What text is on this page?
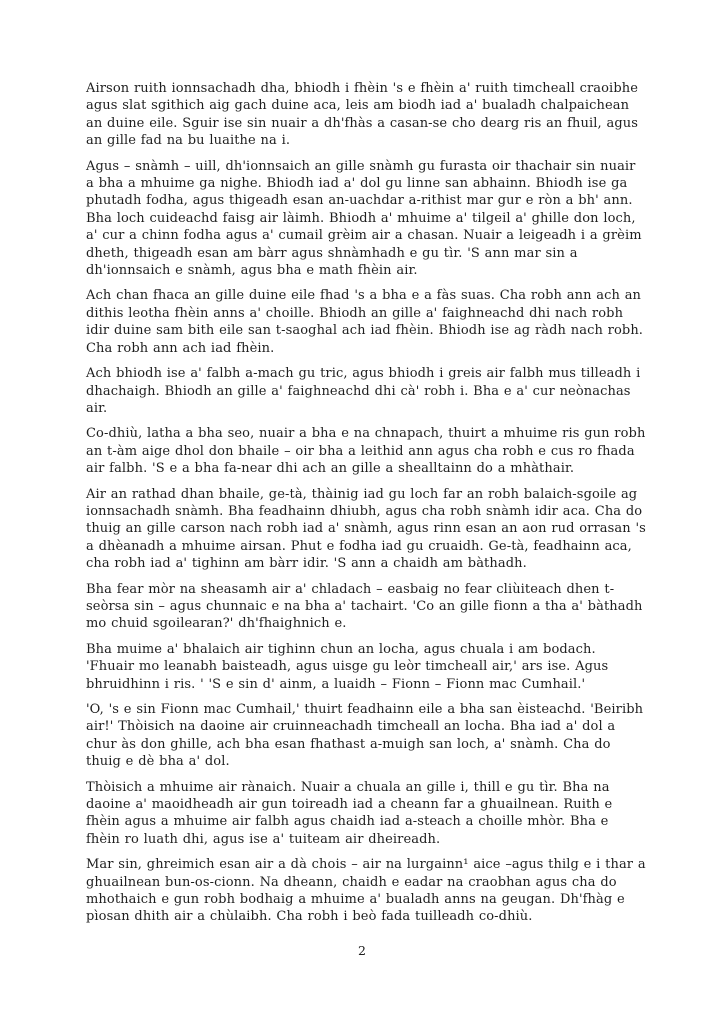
Airson ruith ionnsachadh dha, bhiodh i fhèin 's e fhèin a' ruith timcheall craoibhe agus slat sgithich aig gach duine aca, leis am biodh iad a' bualadh chalpaichean an duine eile. Sguir ise sin nuair a dh'fhàs a casan-se cho dearg ris an fhuil, agus an gille fad na bu luaithe na i.

Agus – snàmh – uill, dh'ionnsaich an gille snàmh gu furasta oir thachair sin nuair a bha a mhuime ga nighe. Bhiodh iad a' dol gu linne san abhainn. Bhiodh ise ga phutadh fodha, agus thigeadh esan an-uachdar a-rithist mar gur e ròn a bh' ann. Bha loch cuideachd faisg air làimh. Bhiodh a' mhuime a' tilgeil a' ghille don loch, a' cur a chinn fodha agus a' cumail grèim air a chasan. Nuair a leigeadh i a grèim dheth, thigeadh esan am bàrr agus shnàmhadh e gu tìr. 'S ann mar sin a dh'ionnsaich e snàmh, agus bha e math fhèin air.

Ach chan fhaca an gille duine eile fhad 's a bha e a fàs suas. Cha robh ann ach an dithis leotha fhèin anns a' choille. Bhiodh an gille a' faighneachd dhi nach robh idir duine sam bith eile san t-saoghal ach iad fhèin. Bhiodh ise ag ràdh nach robh. Cha robh ann ach iad fhèin.

Ach bhiodh ise a' falbh a-mach gu tric, agus bhiodh i greis air falbh mus tilleadh i dhachaigh. Bhiodh an gille a' faighneachd dhi cà' robh i. Bha e a' cur neònachas air.

Co-dhiù, latha a bha seo, nuair a bha e na chnapach, thuirt a mhuime ris gun robh an t-àm aige dhol don bhaile – oir bha a leithid ann agus cha robh e cus ro fhada air falbh. 'S e a bha fa-near dhi ach an gille a shealltainn do a mhàthair.

Air an rathad dhan bhaile, ge-tà, thàinig iad gu loch far an robh balaich-sgoile ag ionnsachadh snàmh. Bha feadhainn dhiubh, agus cha robh snàmh idir aca. Cha do thuig an gille carson nach robh iad a' snàmh, agus rinn esan an aon rud orrasan 's a dhèanadh a mhuime airsan. Phut e fodha iad gu cruaidh. Ge-tà, feadhainn aca, cha robh iad a' tighinn am bàrr idir. 'S ann a chaidh am bàthadh.

Bha fear mòr na sheasamh air a' chladach – easbaig no fear cliùiteach dhen t-seòrsa sin – agus chunnaic e na bha a' tachairt. 'Co an gille fionn a tha a' bàthadh mo chuid sgoilearan?' dh'fhaighnich e.

Bha muime a' bhalaich air tighinn chun an locha, agus chuala i am bodach. 'Fhuair mo leanabh baisteadh, agus uisge gu leòr timcheall air,' ars ise. Agus bhruidhinn i ris. ' 'S e sin d' ainm, a luaidh – Fionn – Fionn mac Cumhail.'

'O, 's e sin Fionn mac Cumhail,' thuirt feadhainn eile a bha san èisteachd. 'Beiribh air!' Thòisich na daoine air cruinneachadh timcheall an locha. Bha iad a' dol a chur às don ghille, ach bha esan fhathast a-muigh san loch, a' snàmh. Cha do thuig e dè bha a' dol.

Thòisich a mhuime air rànaich. Nuair a chuala an gille i, thill e gu tìr. Bha na daoine a' maoidheadh air gun toireadh iad a cheann far a ghuailnean. Ruith e fhèin agus a mhuime air falbh agus chaidh iad a-steach a choille mhòr. Bha e fhèin ro luath dhi, agus ise a' tuiteam air dheireadh.

Mar sin, ghreimich esan air a dà chois – air na lurgainn¹ aice –agus thilg e i thar a ghuailnean bun-os-cionn. Na dheann, chaidh e eadar na craobhan agus cha do mhothaich e gun robh bodhaig a mhuime a' bualadh anns na geugan. Dh'fhàg e pìosan dhith air a chùlaibh. Cha robh i beò fada tuilleadh co-dhiù.

2
